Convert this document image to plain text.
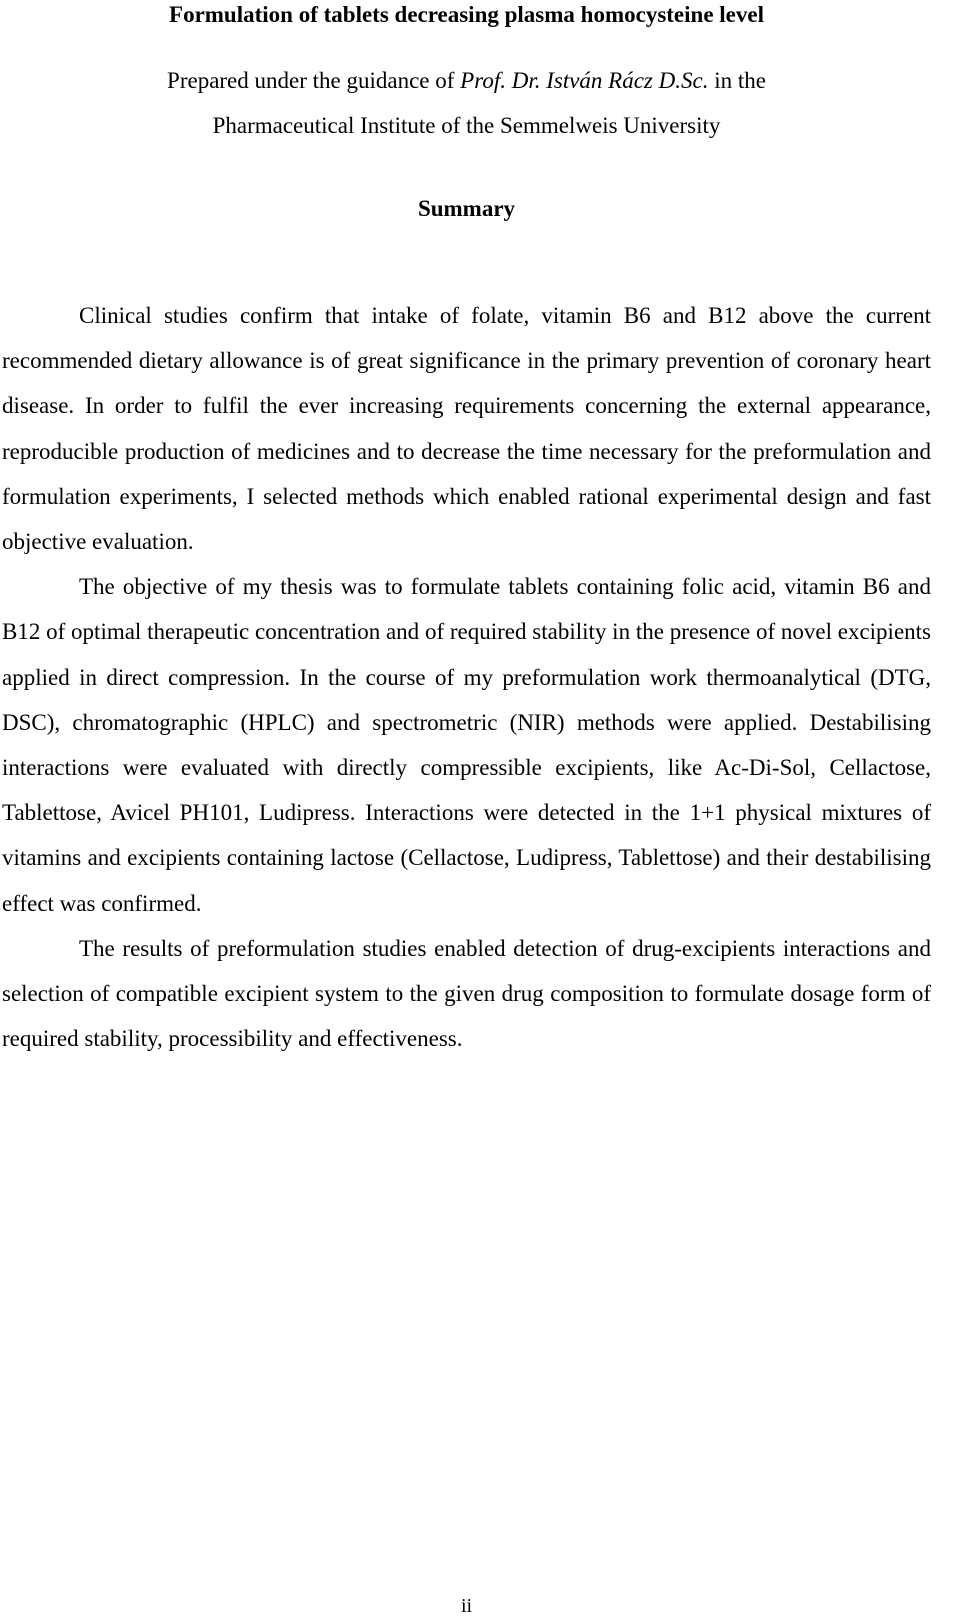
Formulation of tablets decreasing plasma homocysteine level
Prepared under the guidance of Prof. Dr. István Rácz D.Sc. in the
Pharmaceutical Institute of the Semmelweis University
Summary

Clinical studies confirm that intake of folate, vitamin B6 and B12 above the current recommended dietary allowance is of great significance in the primary prevention of coronary heart disease. In order to fulfil the ever increasing requirements concerning the external appearance, reproducible production of medicines and to decrease the time necessary for the preformulation and formulation experiments, I selected methods which enabled rational experimental design and fast objective evaluation.

The objective of my thesis was to formulate tablets containing folic acid, vitamin B6 and B12 of optimal therapeutic concentration and of required stability in the presence of novel excipients applied in direct compression. In the course of my preformulation work thermoanalytical (DTG, DSC), chromatographic (HPLC) and spectrometric (NIR) methods were applied. Destabilising interactions were evaluated with directly compressible excipients, like Ac-Di-Sol, Cellactose, Tablettose, Avicel PH101, Ludipress. Interactions were detected in the 1+1 physical mixtures of vitamins and excipients containing lactose (Cellactose, Ludipress, Tablettose) and their destabilising effect was confirmed.

The results of preformulation studies enabled detection of drug-excipients interactions and selection of compatible excipient system to the given drug composition to formulate dosage form of required stability, processibility and effectiveness.

ii
